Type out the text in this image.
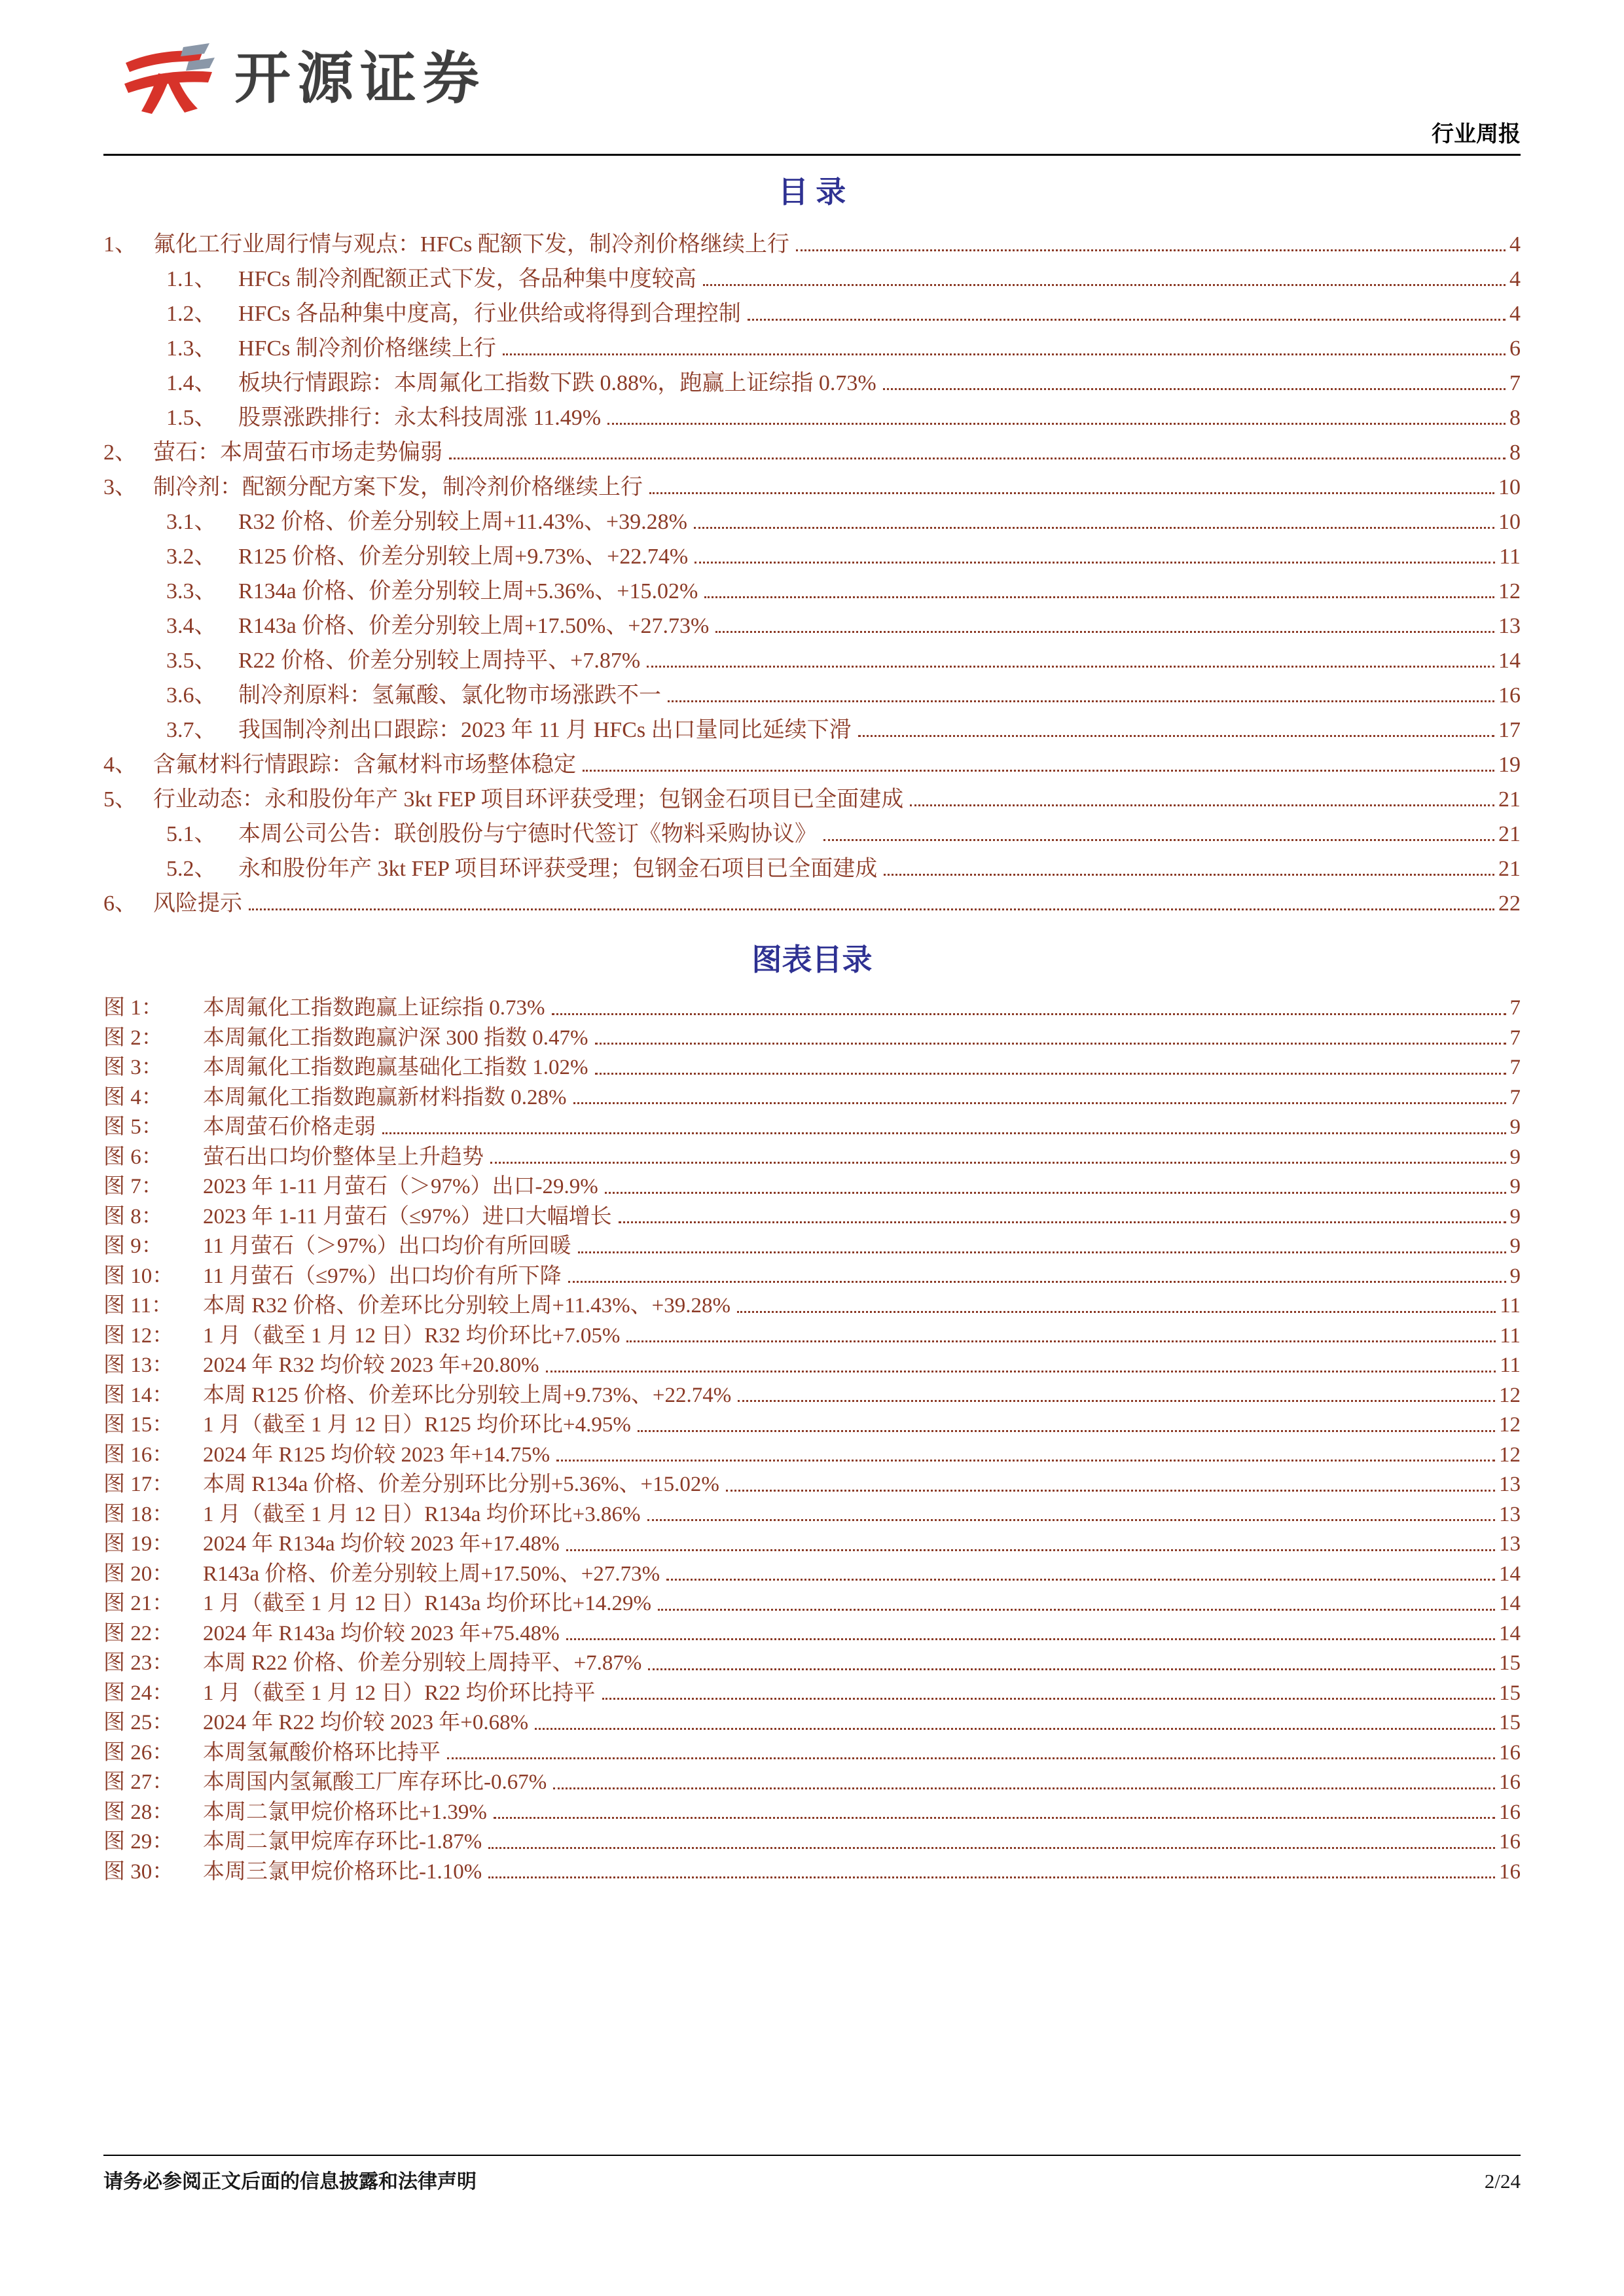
开源证券
行业周报
目 录
1、 氟化工行业周行情与观点：HFCs 配额下发，制冷剂价格继续上行	4
1.1、 HFCs 制冷剂配额正式下发，各品种集中度较高	4
1.2、 HFCs 各品种集中度高，行业供给或将得到合理控制	4
1.3、 HFCs 制冷剂价格继续上行	6
1.4、 板块行情跟踪：本周氟化工指数下跌 0.88%，跑赢上证综指 0.73%	7
1.5、 股票涨跌排行：永太科技周涨 11.49%	8
2、 萤石：本周萤石市场走势偏弱	8
3、 制冷剂：配额分配方案下发，制冷剂价格继续上行	10
3.1、 R32 价格、价差分别较上周+11.43%、+39.28%	10
3.2、 R125 价格、价差分别较上周+9.73%、+22.74%	11
3.3、 R134a 价格、价差分别较上周+5.36%、+15.02%	12
3.4、 R143a 价格、价差分别较上周+17.50%、+27.73%	13
3.5、 R22 价格、价差分别较上周持平、+7.87%	14
3.6、 制冷剂原料：氢氟酸、氯化物市场涨跌不一	16
3.7、 我国制冷剂出口跟踪：2023 年 11 月 HFCs 出口量同比延续下滑	17
4、 含氟材料行情跟踪：含氟材料市场整体稳定	19
5、 行业动态：永和股份年产 3kt FEP 项目环评获受理；包钢金石项目已全面建成	21
5.1、 本周公司公告：联创股份与宁德时代签订《物料采购协议》	21
5.2、 永和股份年产 3kt FEP 项目环评获受理；包钢金石项目已全面建成	21
6、 风险提示	22
图表目录
图 1：	本周氟化工指数跑赢上证综指 0.73%	7
图 2：	本周氟化工指数跑赢沪深 300 指数 0.47%	7
图 3：	本周氟化工指数跑赢基础化工指数 1.02%	7
图 4：	本周氟化工指数跑赢新材料指数 0.28%	7
图 5：	本周萤石价格走弱	9
图 6：	萤石出口均价整体呈上升趋势	9
图 7：	2023 年 1-11 月萤石（＞97%）出口-29.9%	9
图 8：	2023 年 1-11 月萤石（≤97%）进口大幅增长	9
图 9：	11 月萤石（＞97%）出口均价有所回暖	9
图 10：	11 月萤石（≤97%）出口均价有所下降	9
图 11：	本周 R32 价格、价差环比分别较上周+11.43%、+39.28%	11
图 12：	1 月（截至 1 月 12 日）R32 均价环比+7.05%	11
图 13：	2024 年 R32 均价较 2023 年+20.80%	11
图 14：	本周 R125 价格、价差环比分别较上周+9.73%、+22.74%	12
图 15：	1 月（截至 1 月 12 日）R125 均价环比+4.95%	12
图 16：	2024 年 R125 均价较 2023 年+14.75%	12
图 17：	本周 R134a 价格、价差分别环比分别+5.36%、+15.02%	13
图 18：	1 月（截至 1 月 12 日）R134a 均价环比+3.86%	13
图 19：	2024 年 R134a 均价较 2023 年+17.48%	13
图 20：	R143a 价格、价差分别较上周+17.50%、+27.73%	14
图 21：	1 月（截至 1 月 12 日）R143a 均价环比+14.29%	14
图 22：	2024 年 R143a 均价较 2023 年+75.48%	14
图 23：	本周 R22 价格、价差分别较上周持平、+7.87%	15
图 24：	1 月（截至 1 月 12 日）R22 均价环比持平	15
图 25：	2024 年 R22 均价较 2023 年+0.68%	15
图 26：	本周氢氟酸价格环比持平	16
图 27：	本周国内氢氟酸工厂库存环比-0.67%	16
图 28：	本周二氯甲烷价格环比+1.39%	16
图 29：	本周二氯甲烷库存环比-1.87%	16
图 30：	本周三氯甲烷价格环比-1.10%	16
请务必参阅正文后面的信息披露和法律声明	2/24
